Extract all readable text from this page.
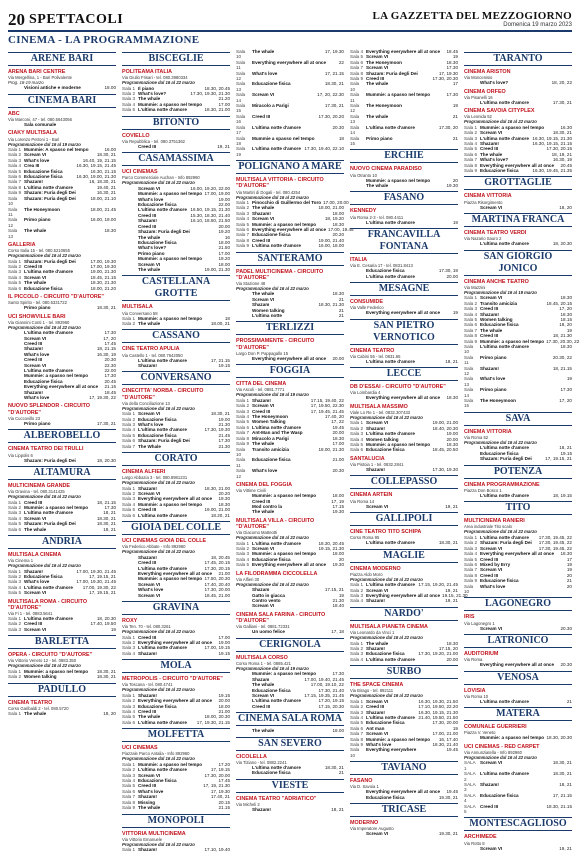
20 SPETTACOLI	LA GAZZETTA DEL MEZZOGIORNO
Domenica 19 marzo 2023
CINEMA - LA PROGRAMMAZIONE
ARENE BARI
ARENA BARI CENTRE
Via Mergellina, 1 - Bari Polivalente
Prog. 18-19 marzo
Visioni antiche e moderne	18.00
CINEMA BARI
ABC
Via Marconi, 47 - tel. 080.5643056
Sala comunale
CIAKY MULTISALA
Via Lorenzo Petroni 1 - Bari
Programmazione dal 16 al 19 marzo
Sala 1 Mummie: A spasso nel tempo	16.00
Sala 2 Scream VI	18.30, 21
Sala 3 What's love	16.40, 19, 21.15
Sala 4 Crea III	16.30, 19.15, 21.45
Sala 5 Educazione fisica	16.30, 21.15
Sala 6 Educazione fisica	16.30, 19.00, 21.30
Sala 7 Shazam!	16, 18.30, 21
Sala 8 L'ultima notte d'amore	19.40, 21
Sala 9 Shazam: Furia degli Dei	16.30, 21
Sala 10
Shazam: Furia degli Dei	18.00, 21.10
Sala 11
The Honeymoon	18.00, 21.45
Sala 12
Primo piano	16.00, 19.00
Sala 13
The whale	18.30
GALLERIA
Corso Italia 15 - tel. 080.5210655
Programmazione dal 16 al 22 marzo
Sala 1 Shazam: Furia degli Dei	17.00, 19.30
Sala 2 Creed III	17.00, 19.30
Sala 3 L'ultima notte d'amore	19.00, 21.30
Sala 4 Scream VI	18.45, 21.15
Sala 5 The whale	18.30, 21.30
Sala 6 Educazione fisica	18.00, 21.20
IL PICCOLO - CIRCUITO "D'AUTORE"
Santo Spirito - tel. 080.5331722
Primo piano	18.30, 21
UCI SHOWVILLE BARI
Via Giannini Conti 1 - tel. 892960
Programmazione dal 16 al 22 marzo
L'ultima notte d'amore	17.30
Scream VI	17, 20
Creed III	17.45
Shazam!	18, 21.15
What's love	16.30, 19
Creed III	20.30
Scream VI	22.30
L'ultima notte d'amore	22.00
Mummie: a spasso nel tempo	17.30
Educazione fisica	20.45
Everything everywhere all at once	21.15
Shazam!	18.45
What's love	17, 19.30, 22
NUOVO SPLENDOR - CIRCUITO "D'AUTORE"
Via Cuccovillo 23
Primo piano	17.30, 21
ALBEROBELLO
CINEMA TEATRO DEI TRULLI
Via Lippolis 6
Shazam: Furia degli Dei	18, 20.30
ALTAMURA
MULTICINEMA GRANDE
Via Gravina - tel. 080.3141425
Programmazione dal 16 al 22 marzo
Sala 1 Creed III	18, 21.15
Sala 2 Mummie: a spasso nel tempo	17.30
Sala 3 L'ultima notte d'amore	18, 21
Sala 4 Scream VI	18.30, 21
Sala 5 Shazam: Furia degli Dei	18.30, 21
Sala 6 The whale	18, 21
ANDRIA
MULTISALA CINEMA
Via Cinema 1
Programmazione dal 16 al 22 marzo
Sala 1 Shazam!	17.00, 19.30, 21.45
Sala 2 Educazione fisica	17, 19.15, 21
Sala 3 What's love	17.00, 19.30, 21.45
Sala 4 L'ultima notte d'amore	17.00, 19.30, 22
Sala 5 Scream VI	17, 19.15, 21
MULTISALA ROMA - CIRCUITO "D'AUTORE"
Via Fi 1 - tel. 0883.5641
Sala 1 L'ultima notte d'amore	18, 20.30
Sala 2 Creed III	17.40, 19.50
Sala 3 Scream VI	19
BARLETTA
OPERA - CIRCUITO "D'AUTORE"
Via Vittorio Veneto 12 - tel. 0883.350
Programmazione dal 16 al 22 marzo
Sala 1 Mummie: a spasso nel tempo	18.30, 21
Sala 2 Women talking	18.30, 21
PADULLO
CINEMA TEATRO
Corso Garibaldi 2 - tel. 080.5720
Sala 1 The whale	18, 20
BISCEGLIE
POLITEAMA ITALIA
Via Giulio Frisari - tel. 080.3980334
Programmazione dal 16 al 22 marzo
Sala 1 Il piano	18.30, 20.45
Sala 2 What's love?	17.30, 19.30, 21.30
Sala 3 The whale	21.20
Sala 4 Mummie: a spasso nel tempo	17.00
Sala 5 L'ultima notte d'amore	18.30, 21.00
BITONTO
COVIELLO
Via Repubblica - tel. 080.3751362
Creed III	19, 21
CASAMASSIMA
UCI CINEMAS
Parco Commerciale Auchan - Info 892960
Programmazione dal 16 al 22 marzo
Scream VI	16.00, 19.20, 22.00
Mummie: a spasso nel tempo 17.00, 19.00
What's love	19.00
Educazione fisica	22.00
L'ultima notte d'amore 16.50, 19.15, 21.30
Creed III	15.30, 18.30, 21.40
Shazam!	16.10, 18.50, 21.50
Creed III	20.00
Shazam: Furia degli Dei	19.20
The whale	16
Educazione fisica	18.00
What's love?	21.50
Primo piano	17.00
Mummie: a spasso nel tempo	19.20
Scream VI	18.00
The whale	19.00, 21.30
CASTELLANA GROTTE
MULTISALA
Via Conversano 58
Sala 1 Mummie: a spasso nel tempo	18
Sala 2 The whale	18.00, 21
CASSANO
CINE TEATRO APULIA
Via Castello 1 - tel. 080.7642050
L'ultima notte d'amore	17, 21.15
Shazam!	19.15
CONVERSANO
CINECITTA' NORBA - CIRCUITO "D'AUTORE"
Via della Conciliazione 13
Programmazione dal 16 al 22 marzo
Sala 1 Scream VI	18.30, 21
Sala 2 Educazione fisica	19.00
Sala 3 What's love	21.30
Sala 4 L'ultima notte d'amore	17.30, 19.30
Sala 5 Educazione fisica	21.45
Sala 6 Shazam: Furia degli Dei	17.30
Sala 7 The Whale	21.30
CORATO
CINEMA ALFIERI
Largo Abbazia 3 - tel. 080.8981231
Programmazione dal 16 al 22 marzo
Sala 1 Shazam!	18.30, 21.00
Sala 2 Scream VI	20.20
Sala 3 Everything everywhere all at once	19.30
Sala 4 Mummie: a spasso nel tempo	18.30
Sala 5 Creed III	19.00, 21.00
Sala 6 L'ultima notte d'amore	18.20, 21
GIOIA DEL COLLE
UCI CINEMAS GIOIA DEL COLLE
Via Federico Abbate - Info 892960
Programmazione dal 16 al 22 marzo
Shazam!	18, 20.45
Creed III	17.45, 20.15
L'ultima notte d'amore	17.30, 20.15
Everything everywhere all at once	21.00
Mummie: a spasso nel tempo 17.50, 20.30
Scream VI	17.40, 20.40
What's love	17.30, 20.00
Scream VI	18.45, 21.00
GRAVINA
ROXY
Via Ten. 70 - tel. 080.3261
Programmazione dal 16 al 22 marzo
Sala 1 Creed III	17.00
Sala 2 Everything everywhere all at once	19.00
Sala 3 L'ultima notte d'amore	17.00, 19.15
Sala 4 Shazam!	19.15
MOLA
METROPOLIS - CIRCUITO "D'AUTORE"
Via Toscana - tel. 080.4741
Programmazione dal 16 al 22 marzo
Sala 1 Shazam!	19.15
Sala 2 Everything everywhere all at once	20.00
Sala 3 Educazione fisica	18.00
Sala 4 Creed III	21.00
Sala 5 The whale	18.00, 20.30
Sala 6 L'ultima notte d'amore	17, 19.30, 21.15
MOLFETTA
UCI CINEMAS
Piazzale Parco Antalia - Info 892960
Programmazione dal 16 al 22 marzo
Sala 1 Mummie: a spasso nel tempo	17.20
Sala 2 L'ultima notte d'amore	17, 19.15
Sala 3 Scream VI	17.30, 20.00
Sala 4 Educazione fisica	17.45
Sala 5 Creed III	17, 19, 21.30
Sala 6 What's love	17, 19.30
Sala 7 Shazam!	17.40, 21
Sala 8 Missing	20.15
Sala 9 The whale	21.15
MONOPOLI
VITTORIA MULTICINEMA
Via Vittorio Emanuele
Programmazione dal 16 al 22 marzo
Sala 1 Shazam!	17.10, 19.40
Sala 10
The whale	17, 19.30
Sala 11
Everything everywhere all at once	22
Sala 12
What's love	17, 21.15
Sala 13
Educazione fisica	18.30, 21
Sala 14
Scream VI	17, 20, 22.30
Sala 15
Miracolo a Parigi	17.30, 21
Sala 16
Creed III	17.30, 20.20
Sala 17
L'ultima notte d'amore	20.30
Sala 18
Mummie a spasso nel tempo	18
Sala 19
L'ultima notte d'amore 17.30, 19.40, 22.10
POLIGNANO A MARE
MULTISALA VITTORIA - CIRCUITO "D'AUTORE"
Via Martiri di Dogali - tel. 080.4254
Programmazione dal 16 al 22 marzo
Sala 1 Pinocchio di Guillermo del Toro 17.00, 20.00
Sala 2 The whale	18.00, 21.00
Sala 3 Shazam!	18.00
Sala 4 Scream VI	18, 19.20
Sala 5 Mummie: a spasso nel tempo	18.30
Sala 6 Everything everywhere all at once 17.00, 19.45
Sala 7 Educazione fisica	20.20
Sala 8 Creed III	19.00, 21.40
Sala 9 L'ultima notte d'amore	16.00, 18.00
SANTERAMO
PADEL MULTICINEMA - CIRCUITO "D'AUTORE"
Via Stazione 48
Programmazione dal 16 al 22 marzo
The whale	18.30
Scream VI	21
Shazam	18.30, 21.30
Women talking	21
L'ultima notte	21
TERLIZZI
PROSSIMAMENTE - CIRCUITO "D'AUTORE"
Largo Don P. Pappagallo 15
Everything everywhere all at once	20.00
FOGGIA
CITTA DEL CINEMA
Via Ascoli - tel. 0881.7771
Programmazione dal 16 al 19 marzo
Sala 1 Shazam!	17.15, 19.40, 22
Sala 2 Scream VI	17, 19.50, 22.30
Sala 3 Creed III	17, 19.45, 21.45
Sala 4 The Honeymoon	17.40, 20
Sala 5 Women Talking	17, 22
Sala 6 L'ultima notte d'amore	19.45
Sala 7 Ant-Man and The Wasp	20.00
Sala 8 Miracolo a Parigi	18.30
Sala 9 The whale	17.00
Sala 10
Transito amicizia	18.00, 21.30
Sala 11
Educazione fisica	21.00
Sala 12
What's love	20.30
CINEMA DEL FOGGIA
Via Vittime Civili
Mummie: a spasso nel tempo	18.00
Creed III	17, 19
Mod contro la	17.15
The whale	19.30
MULTISALA VILLA - CIRCUITO "D'AUTORE"
Via Giacomo Matteotti
Programmazione dal 16 al 22 marzo
Sala 1 L'ultima notte d'amore	18.30, 20.45
Sala 2 Scream VI	19.15, 21.30
Sala 3 Mummie: a spasso nel tempo	18.00
Sala 4 Educazione fisica	20
Sala 5 Everything everywhere all at once	19.30
LA FILODRAMMA CICCOLELLA
Via Alfieri 30
Programmazione dal 16 al 22 marzo
Shazam	17.15, 21
Gatto in giacca	19
Contro vento	21.30
Scream VI	18.40
CINEMA SALA FARINA - CIRCUITO "D'AUTORE"
Via Galliani - tel. 0881.72331
Un uomo felice	17, 18
CERIGNOLA
MULTISALA CORSO
Corso Roma 1 - tel. 0885.421
Programmazione dal 16 al 19 marzo
Mummie: a spasso nel tempo	17.30
Shazam	17.00, 19.40, 21.45
The whale	17.00, 19.10, 22
Educazione fisica	17.30, 21.40
Scream VI	17.15, 19.35, 21.45
L'ultima notte d'amore	17.20, 19.15
Creed III	17.15, 20.30
CINEMA SALA ROMA
The whale	18.00
SAN SEVERO
CICOLELLA
Via Tiziano - tel. 0882.2241
L'ultima notte d'amore	18.30, 21
Educazione fisica	21
VIESTE
CINEMA TEATRO "ADRIATICO"
Via Micheli 2
Shazam!	18, 21
Sala 4 Everything everywhere all at once	18.45
Sala 5 Scream VI	19
Sala 6 The Honeymoon	18.30
Sala 7 Scream VI	17.30
Sala 8 Shazam: Furia degli Dei	17, 19.30
Sala 9 Creed III	17.30, 20.30
Sala 10
The whale	17
Sala 11
Mummie: a spasso nel tempo	17.30
Sala 12
The Honeymoon	19
Sala 13
The whale	21
Sala 14
L'ultima notte d'amore	17.30, 20
Sala 15
Primo piano	21
ERCHIE
NUOVO CINEMA PARADISO
Via Otranto 10
Mummie: a spasso nel tempo	20
The whale	19.30
FASANO
KENNEDY
Via Roma 2-3 - tel. 080.4411
L'ultima notte d'amore	19
FRANCAVILLA FONTANA
ITALIA
Via E. Cesaria 17 - tel. 0831.8413
Educazione fisica	17.30, 19
L'ultima notte d'amore	20.00
MESAGNE
CONSUMIDE
Via Valle Federico
Everything everywhere all at once	19
SAN PIETRO VERNOTICO
CINEMA TEATRO
Via Cabini 55 - tel. 0831.65
L'ultima notte d'amore	18, 21
LECCE
DB D'ESSAI - CIRCUITO "D'AUTORE"
Via Lombardia 4
Everything everywhere all at once	18.30
MULTISALA MASSIMO
Viale Lo Re 1 - tel. 0832.307433
Programmazione dal 16 al 22 marzo
Sala 1 Scream VI	19.00, 21.00
Sala 2 Shazam!	18.40, 20.30
Sala 3 L'ultima notte d'amore	19.00
Sala 4 Women talking	20.00
Sala 5 Mummie: a spasso nel tempo	18.30
Sala 6 Educazione fisica	18.45, 20.50
SANTALUCIA
Via Pistoia 1 - tel. 0832.2841
Shazam!	17.30, 19.30
COLLEPASSO
CINEMA ARTEIN
Via Roma 14
Scream VI	19, 21
GALLIPOLI
CINE TEATRO TITO SCHIPA
Corso Roma 95
L'ultima notte d'amore	18.30, 21
MAGLIE
CINEMA MODERNO
Piazza Aldo Moro
Programmazione dal 16 al 22 marzo
Sala 1 L'ultima notte d'amore 17.15, 19.20, 21.45
Sala 2 Scream VI	19, 21
Sala 3 Everything everywhere all at once 19.15, 21.30
Sala 4 Shazam!	19, 21
NARDO'
MULTISALA PIANETA CINEMA
Via Leonardo da Vinci 1
Programmazione dal 16 al 22 marzo
Sala 1 The whale	18.30
Sala 2 Shazam!	17.15, 20
Sala 3 Educazione fisica	17.30, 19.20, 21.00
Sala 4 L'ultima notte d'amore	20.00
SURBO
THE SPACE CINEMA
Via Birago - tel. 892111
Programmazione dal 16 al 22 marzo
Sala 1 Scream VI	16.30, 19.30, 21.50
Sala 2 Creed III	17.10, 19.50, 22.20
Sala 3 Shazam!	16.30, 19.15, 21.30
Sala 4 L'ultima notte d'amore 21.40, 19.50, 21.50
Sala 5 Educazione fisica	17.30, 20.00
Sala 6 Ant man	19
Sala 7 Scream VI	17.00, 21.00
Sala 8 Mummie: a spasso nel tempo	16, 17.40
Sala 9 What's love	18.30, 21.40
Sala 10
Everything everywhere	19.45
TAVIANO
FASANO
Via D. Savoia 1
Everything everywhere all at once	19.45
Educazione fisica	19.30, 21
TRICASE
MODERNO
Via Imperatore Augusto
Scream VI	19.30, 21
TARANTO
CINEMA ARISTON
Via Moncenisio
What's love?	18, 20, 22
CINEMA ORFEO
Via Pisanelli 16
L'ultima notte d'amore	17.30, 21
CINEMA SAVOIA CITYPLEX
Via Leonida 52
Programmazione dal 16 al 22 marzo
Sala 1 Mummie: a spasso nel tempo	16.30
Sala 2 Scream VI	18.30, 21
Sala 3 L'ultima notte d'amore 16.30, 19.15, 21.30
Sala 4 Shazam!	16.30, 19.15, 21.15
Sala 5 Creed III	17.30, 20.15
Sala 6 The whale	18, 19, 21
Sala 7 What's love?	16.30, 19
Sala 8 Everything everywhere all at once	20.45
Sala 9 Educazione fisica	16.30, 19.45, 21.35
GROTTAGLIE
CINEMA VITTORIA
Piazza Risorgimento
Scream VI	18, 20
MARTINA FRANCA
CINEMA TEATRO VERDI
Via Nazario Sauro 2
L'ultima notte d'amore	18, 20.30
SAN GIORGIO JONICO
CINEMA ANCHE TEATRO
Via Mazzini
Programmazione dal 16 al 19 marzo
Sala 1 Scream VI	18.30
Sala 2 Transito amicizia	18.45, 20.15
Sala 3 Creed III	17, 20
Sala 4 Shazam!	18.30
Sala 5 Women talking	18.15
Sala 6 Educazione fisica	18, 20
Sala 7 The whale	19
Sala 8 Creed III	18, 21.30
Sala 9 Mummie: a spasso nel tempo 17.30, 20.30, 22
Sala 10
L'ultima notte d'amore	18.30
Sala 11
Primo piano	20.30, 22
Sala 12
Shazam!	18, 21.15
Sala 13
What's love	19
Sala 14
Primo piano	17.30
Sala 15
The Honeymoon	17, 20
SAVA
CINEMA VITTORIA
Via Roma 52
Programmazione dal 16 al 22 marzo
L'ultima notte d'amore	18, 21
Educazione fisica	19.15
Shazam: Furia degli Dei	17, 19.15, 21
POTENZA
CINEMA PROGRAMMAZIONE
Piazza Don Bosco 1
L'ultima notte d'amore	18, 19.15
TITO
MULTICINEMA RANIERI
Area industriale Tito scalo
Programmazione dal 16 al 22 marzo
Sala 1 L'ultima notte d'amore	17.30, 19.45, 22
Sala 2 Shazam: Furia degli Dei	17.30, 19.45, 22
Sala 3 Scream VI	17.30, 19.45, 22
Sala 4 Everything everywhere all at once	18.30
Sala 5 Creed III	17
Sala 6 Mixed by Erry	19
Sala 7 Scream VI	19
Sala 8 Creed III	20
Sala 9 Educazione fisica	21
Sala 10
What's love	20
LAGONEGRO
IRIS
Via Lagonegro 1
Scream VI	20.30
LATRONICO
AUDITORIUM
Via Roma
Everything everywhere all at once	20.30
VENOSA
LOVISIA
Via Roma 10
L'ultima notte d'amore	21
MATERA
COMUNALE GUERRIERI
Piazza V. Veneto
Mummie: a spasso nel tempo 18.30, 20.30
UCI CINEMAS - RED CARPET
Via Annunziatella - Info 892960
Programmazione dal 16 al 22 marzo
SALA 1
Scream VI	18.30, 21
SALA 2
L'ultima notte d'amore	18.30, 21
SALA 3
Shazam!	18, 21
SALA 4
Educazione fisica	17, 21.15
SALA 5
Creed III	18.30, 21.15
MONTESCAGLIOSO
ARCHIMEDE
Via Rotto 8
Scream VI	19, 21
